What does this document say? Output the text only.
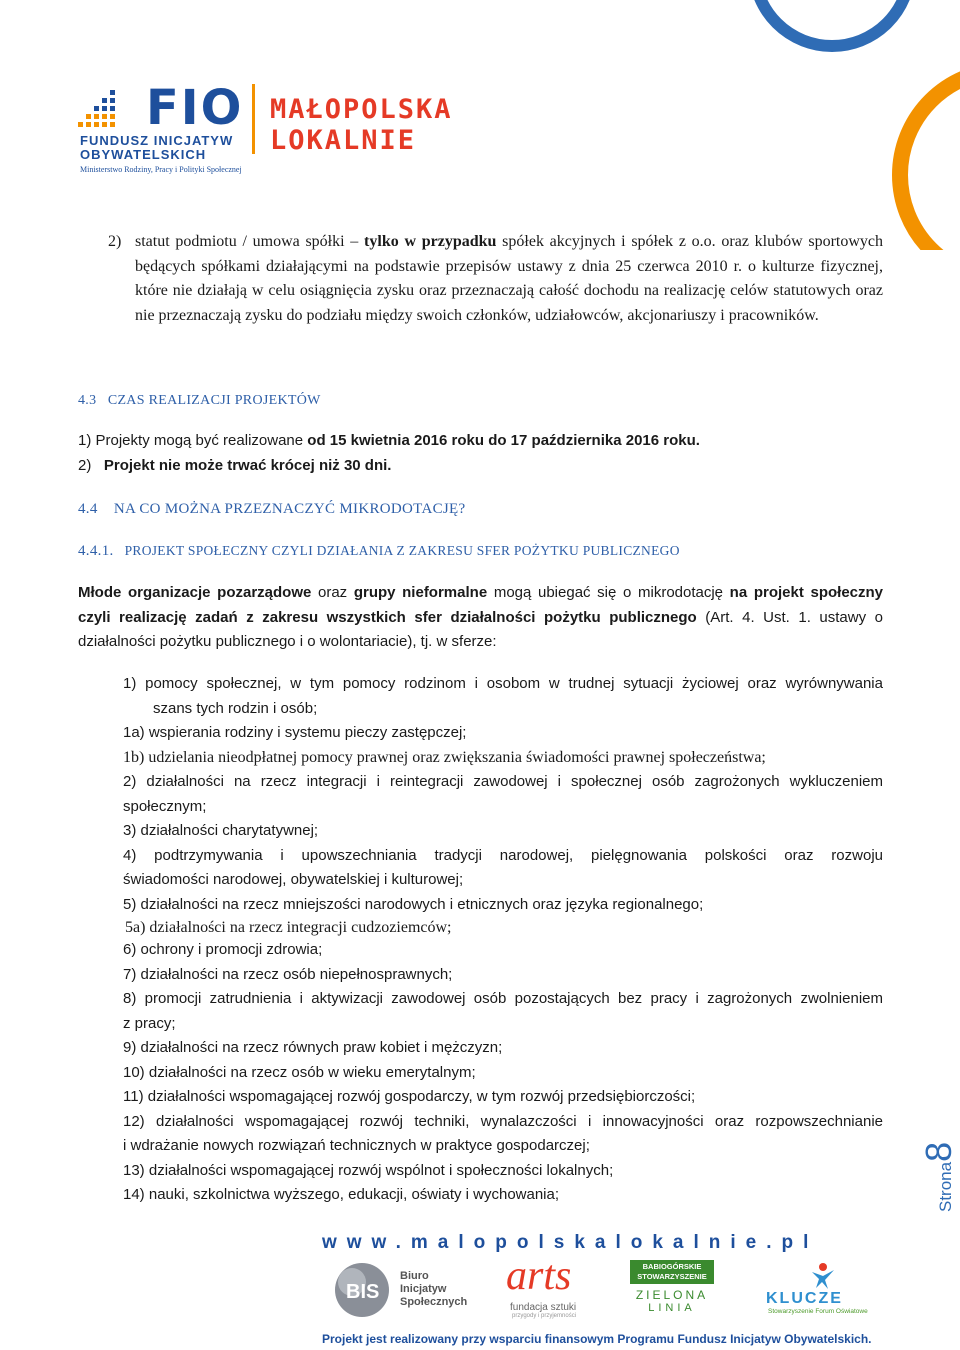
FIO
FUNDUSZ INICJATYW
OBYWATELSKICH
Ministerstwo Rodziny, Pracy i Polityki Społecznej
MAŁOPOLSKA
LOKALNIE
2) statut podmiotu / umowa spółki – tylko w przypadku spółek akcyjnych i spółek z o.o. oraz klubów sportowych będących spółkami działającymi na podstawie przepisów ustawy z dnia 25 czerwca 2010 r. o kulturze fizycznej, które nie działają w celu osiągnięcia zysku oraz przeznaczają całość dochodu na realizację celów statutowych oraz nie przeznaczają zysku do podziału między swoich członków, udziałowców, akcjonariuszy i pracowników.
4.3 CZAS REALIZACJI PROJEKTÓW
1) Projekty mogą być realizowane od 15 kwietnia 2016 roku do 17 października 2016 roku.
2) Projekt nie może trwać krócej niż 30 dni.
4.4 NA CO MOŻNA PRZEZNACZYĆ MIKRODOTACJĘ?
4.4.1. PROJEKT SPOŁECZNY CZYLI DZIAŁANIA Z ZAKRESU SFER POŻYTKU PUBLICZNEGO
Młode organizacje pozarządowe oraz grupy nieformalne mogą ubiegać się o mikrodotację na projekt społeczny czyli realizację zadań z zakresu wszystkich sfer działalności pożytku publicznego (Art. 4. Ust. 1. ustawy o działalności pożytku publicznego i o wolontariacie), tj. w sferze:
1) pomocy społecznej, w tym pomocy rodzinom i osobom w trudnej sytuacji życiowej oraz wyrównywania
szans tych rodzin i osób;
1a) wspierania rodziny i systemu pieczy zastępczej;
1b) udzielania nieodpłatnej pomocy prawnej oraz zwiększania świadomości prawnej społeczeństwa;
2) działalności na rzecz integracji i reintegracji zawodowej i społecznej osób zagrożonych wykluczeniem
społecznym;
3) działalności charytatywnej;
4) podtrzymywania i upowszechniania tradycji narodowej, pielęgnowania polskości oraz rozwoju
świadomości narodowej, obywatelskiej i kulturowej;
5) działalności na rzecz mniejszości narodowych i etnicznych oraz języka regionalnego;
5a) działalności na rzecz integracji cudzoziemców;
6) ochrony i promocji zdrowia;
7) działalności na rzecz osób niepełnosprawnych;
8) promocji zatrudnienia i aktywizacji zawodowej osób pozostających bez pracy i zagrożonych zwolnieniem
z pracy;
9) działalności na rzecz równych praw kobiet i mężczyzn;
10) działalności na rzecz osób w wieku emerytalnym;
11) działalności wspomagającej rozwój gospodarczy, w tym rozwój przedsiębiorczości;
12) działalności wspomagającej rozwój techniki, wynalazczości i innowacyjności oraz rozpowszechnianie
i wdrażanie nowych rozwiązań technicznych w praktyce gospodarczej;
13) działalności wspomagającej rozwój wspólnot i społeczności lokalnych;
14) nauki, szkolnictwa wyższego, edukacji, oświaty i wychowania;	Strona8
www.malopolskalokalnie.pl
BIS
Biuro
Inicjatyw
Społecznych
arts
fundacja sztuki
przygody i przyjemności
BABIOGÓRSKIE
STOWARZYSZENIE
ZIELONA
LINIA
KLUCZE
Stowarzyszenie Forum Oświatowe
Projekt jest realizowany przy wsparciu finansowym Programu Fundusz Inicjatyw Obywatelskich.
